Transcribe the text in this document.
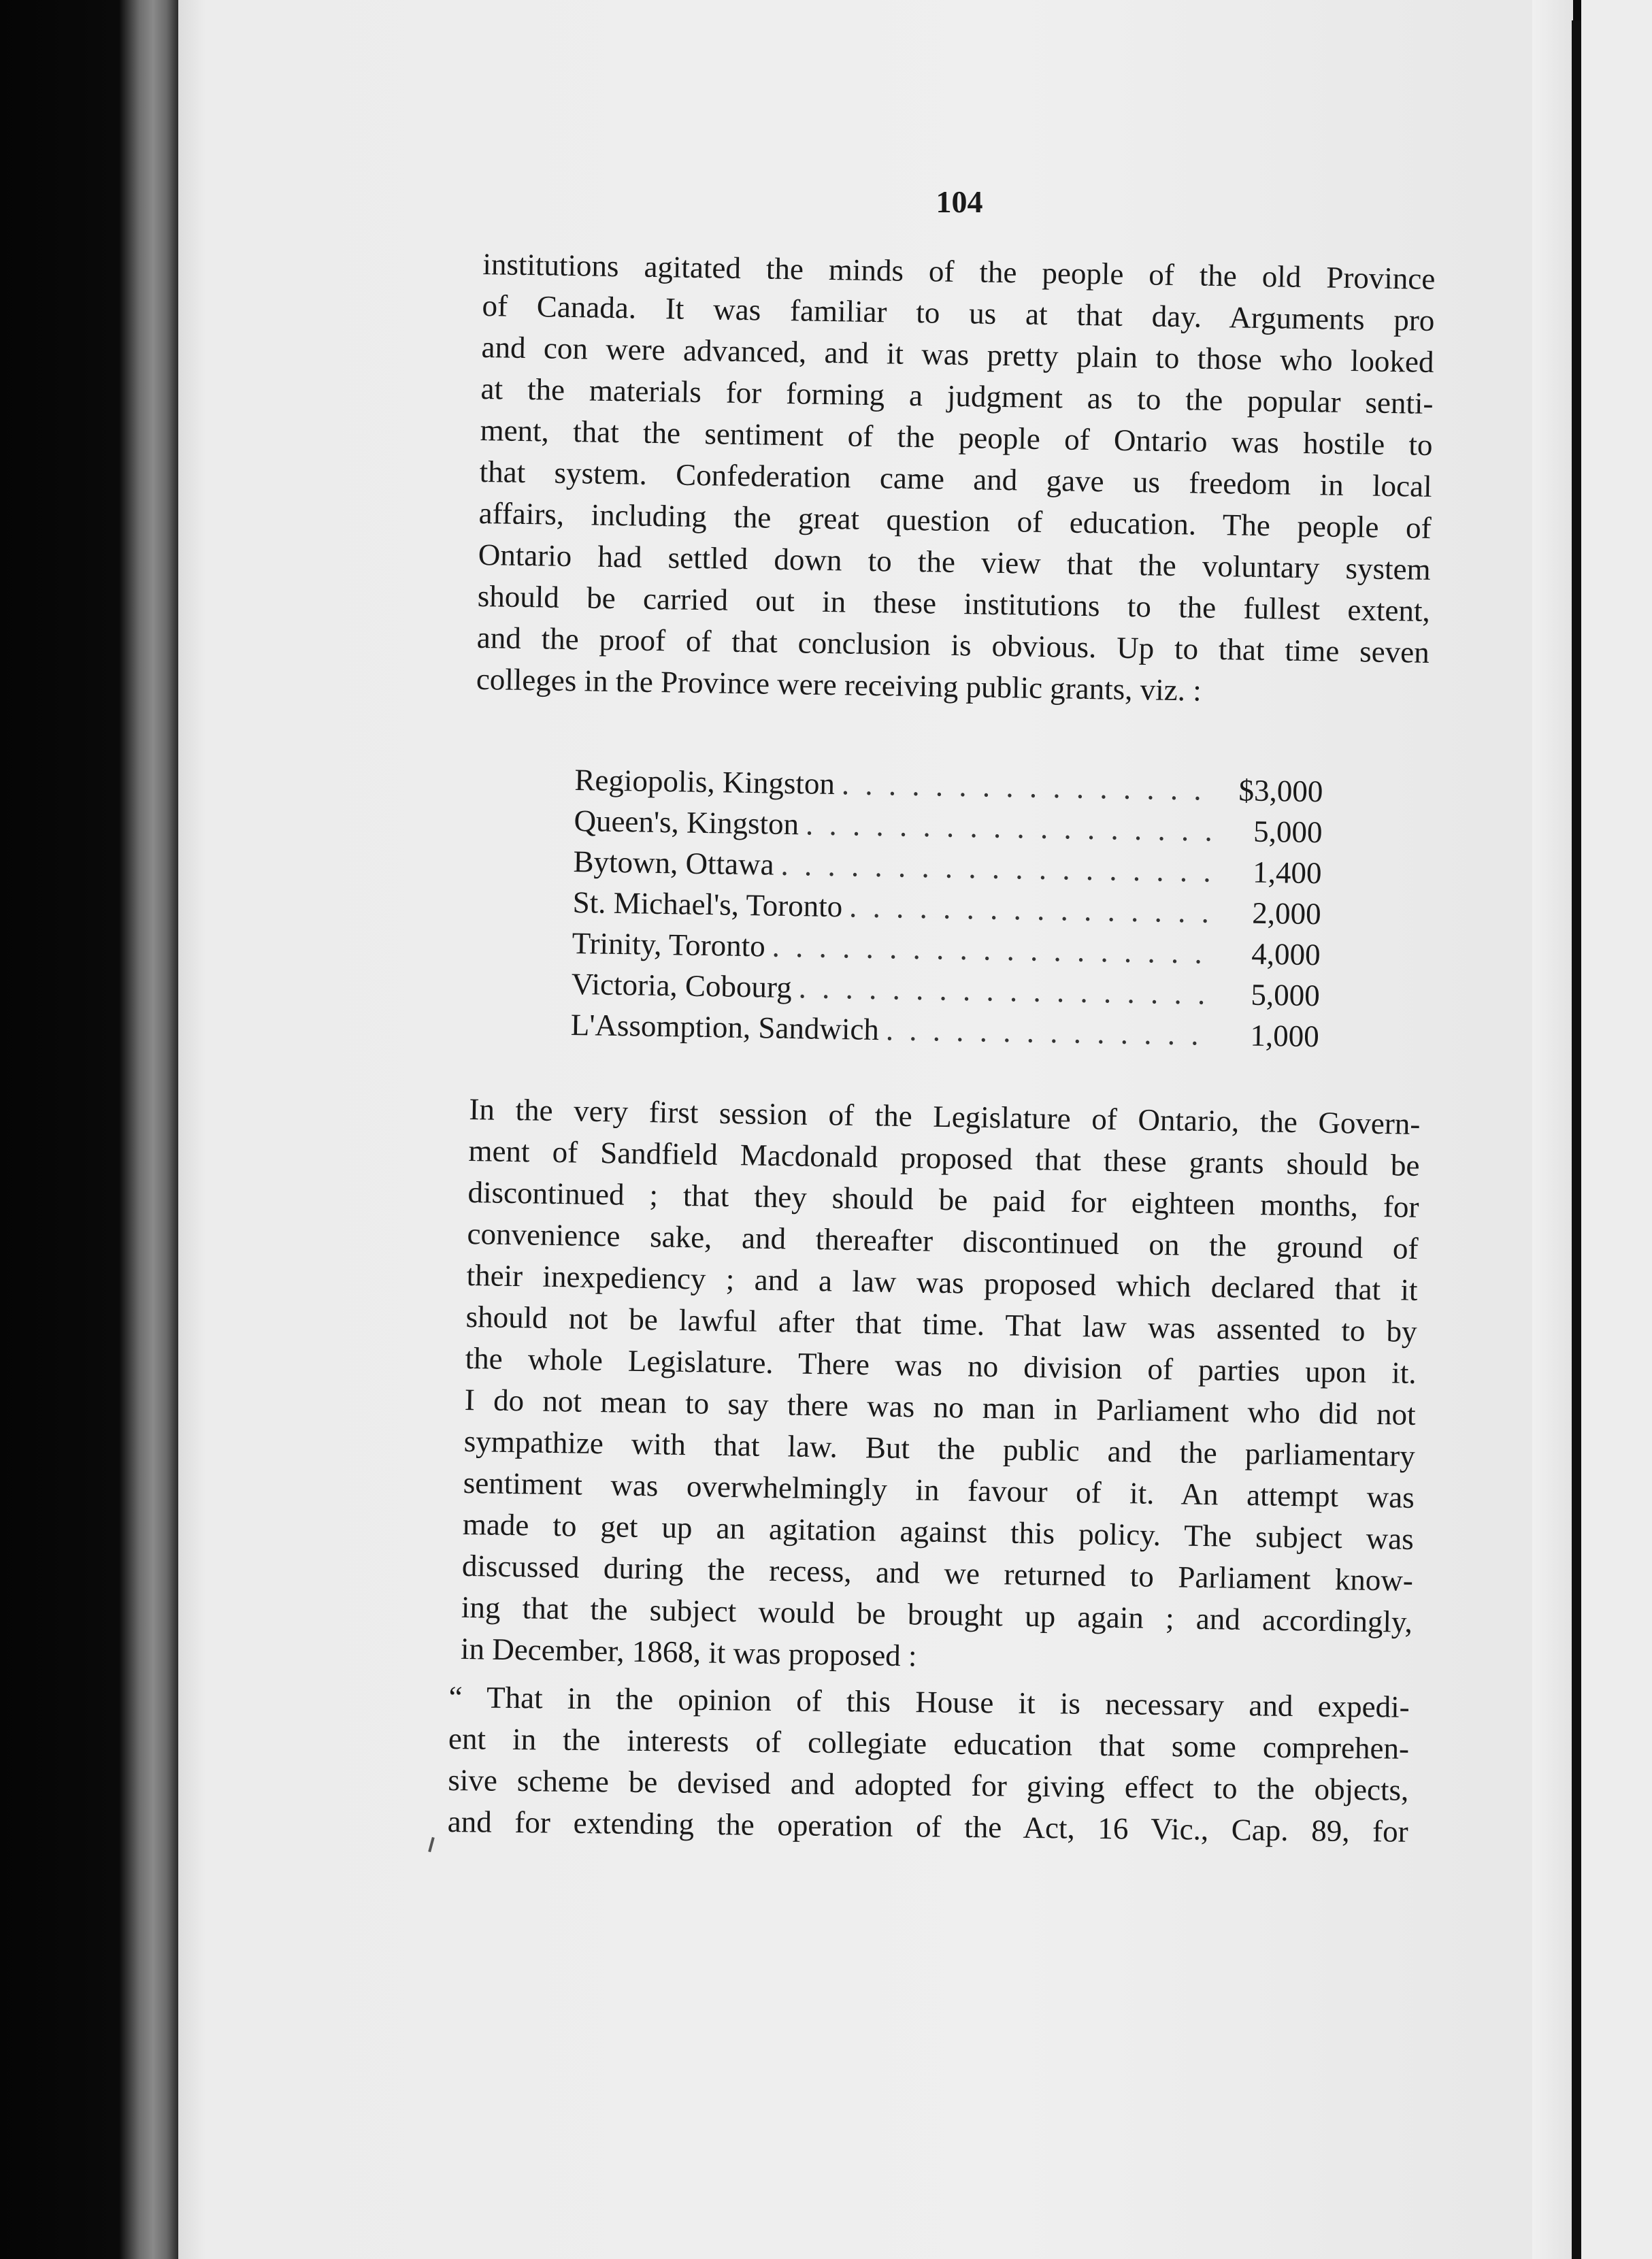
104
institutions agitated the minds of the people of the old Province
of Canada. It was familiar to us at that day. Arguments pro
and con were advanced, and it was pretty plain to those who looked
at the materials for forming a judgment as to the popular senti-
ment, that the sentiment of the people of Ontario was hostile to
that system. Confederation came and gave us freedom in local
affairs, including the great question of education. The people of
Ontario had settled down to the view that the voluntary system
should be carried out in these institutions to the fullest extent,
and the proof of that conclusion is obvious. Up to that time seven
colleges in the Province were receiving public grants, viz. :
Regiopolis, Kingston . . .	$3,000
Queen's, Kingston . . .	5,000
Bytown, Ottawa . . .	1,400
St. Michael's, Toronto . . .	2,000
Trinity, Toronto . . .	4,000
Victoria, Cobourg . . .	5,000
L'Assomption, Sandwich . . .	1,000
In the very first session of the Legislature of Ontario, the Govern-
ment of Sandfield Macdonald proposed that these grants should be
discontinued ; that they should be paid for eighteen months, for
convenience sake, and thereafter discontinued on the ground of
their inexpediency ; and a law was proposed which declared that it
should not be lawful after that time. That law was assented to by
the whole Legislature. There was no division of parties upon it.
I do not mean to say there was no man in Parliament who did not
sympathize with that law. But the public and the parliamentary
sentiment was overwhelmingly in favour of it. An attempt was
made to get up an agitation against this policy. The subject was
discussed during the recess, and we returned to Parliament know-
ing that the subject would be brought up again ; and accordingly,
in December, 1868, it was proposed :
“ That in the opinion of this House it is necessary and expedi-
ent in the interests of collegiate education that some comprehen-
sive scheme be devised and adopted for giving effect to the objects,
and for extending the operation of the Act, 16 Vic., Cap. 89, for
